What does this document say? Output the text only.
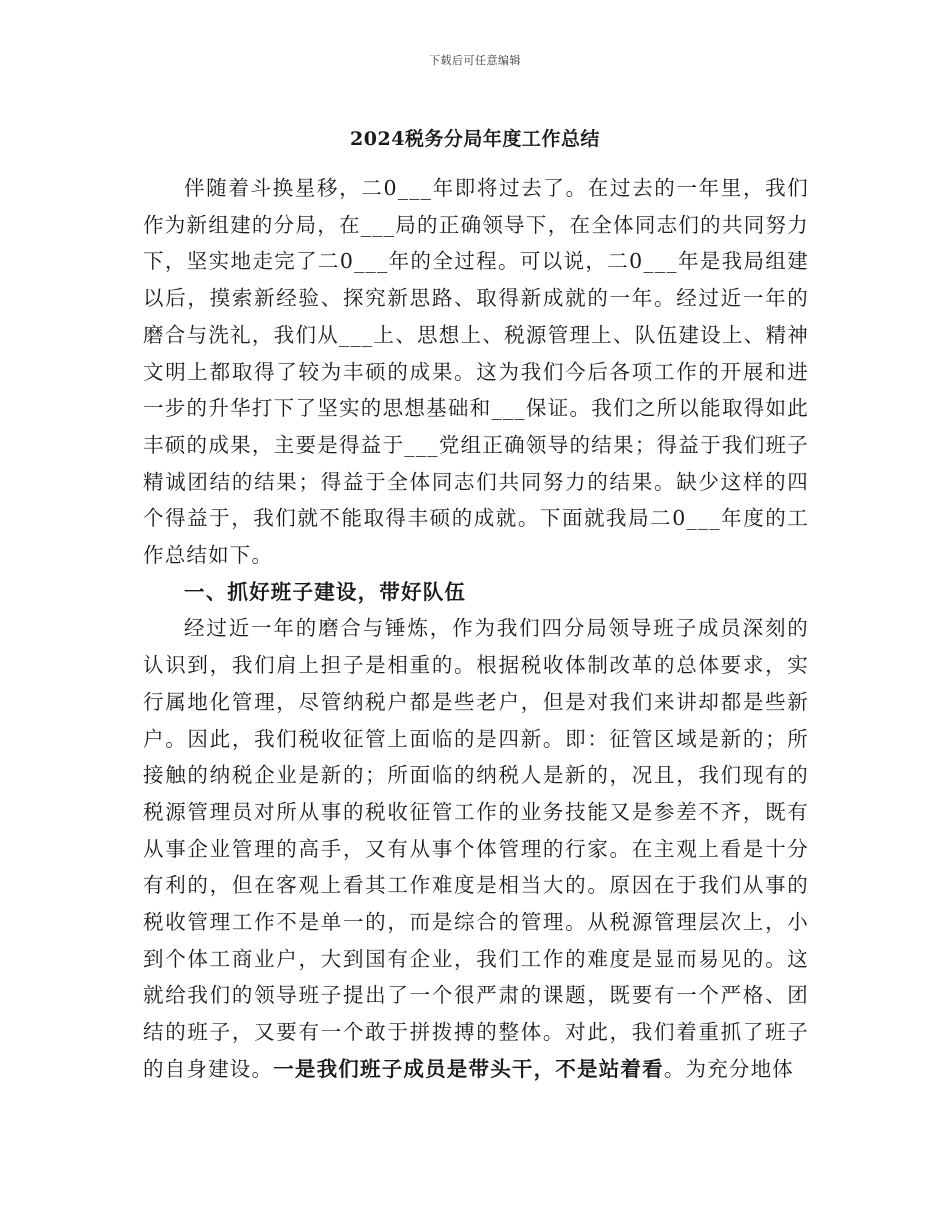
下载后可任意编辑
2024税务分局年度工作总结

伴随着斗换星移，二0___年即将过去了。在过去的一年里，我们作为新组建的分局，在___局的正确领导下，在全体同志们的共同努力下，坚实地走完了二0___年的全过程。可以说，二0___年是我局组建以后，摸索新经验、探究新思路、取得新成就的一年。经过近一年的磨合与洗礼，我们从___上、思想上、税源管理上、队伍建设上、精神文明上都取得了较为丰硕的成果。这为我们今后各项工作的开展和进一步的升华打下了坚实的思想基础和___保证。我们之所以能取得如此丰硕的成果，主要是得益于___党组正确领导的结果；得益于我们班子精诚团结的结果；得益于全体同志们共同努力的结果。缺少这样的四个得益于，我们就不能取得丰硕的成就。下面就我局二0___年度的工作总结如下。

一、抓好班子建设，带好队伍

经过近一年的磨合与锤炼，作为我们四分局领导班子成员深刻的认识到，我们肩上担子是相重的。根据税收体制改革的总体要求，实行属地化管理，尽管纳税户都是些老户，但是对我们来讲却都是些新户。因此，我们税收征管上面临的是四新。即：征管区域是新的；所接触的纳税企业是新的；所面临的纳税人是新的，况且，我们现有的税源管理员对所从事的税收征管工作的业务技能又是参差不齐，既有从事企业管理的高手，又有从事个体管理的行家。在主观上看是十分有利的，但在客观上看其工作难度是相当大的。原因在于我们从事的税收管理工作不是单一的，而是综合的管理。从税源管理层次上，小到个体工商业户，大到国有企业，我们工作的难度是显而易见的。这就给我们的领导班子提出了一个很严肃的课题，既要有一个严格、团结的班子，又要有一个敢于拼拨搏的整体。对此，我们着重抓了班子的自身建设。一是我们班子成员是带头干，不是站着看。为充分地体
